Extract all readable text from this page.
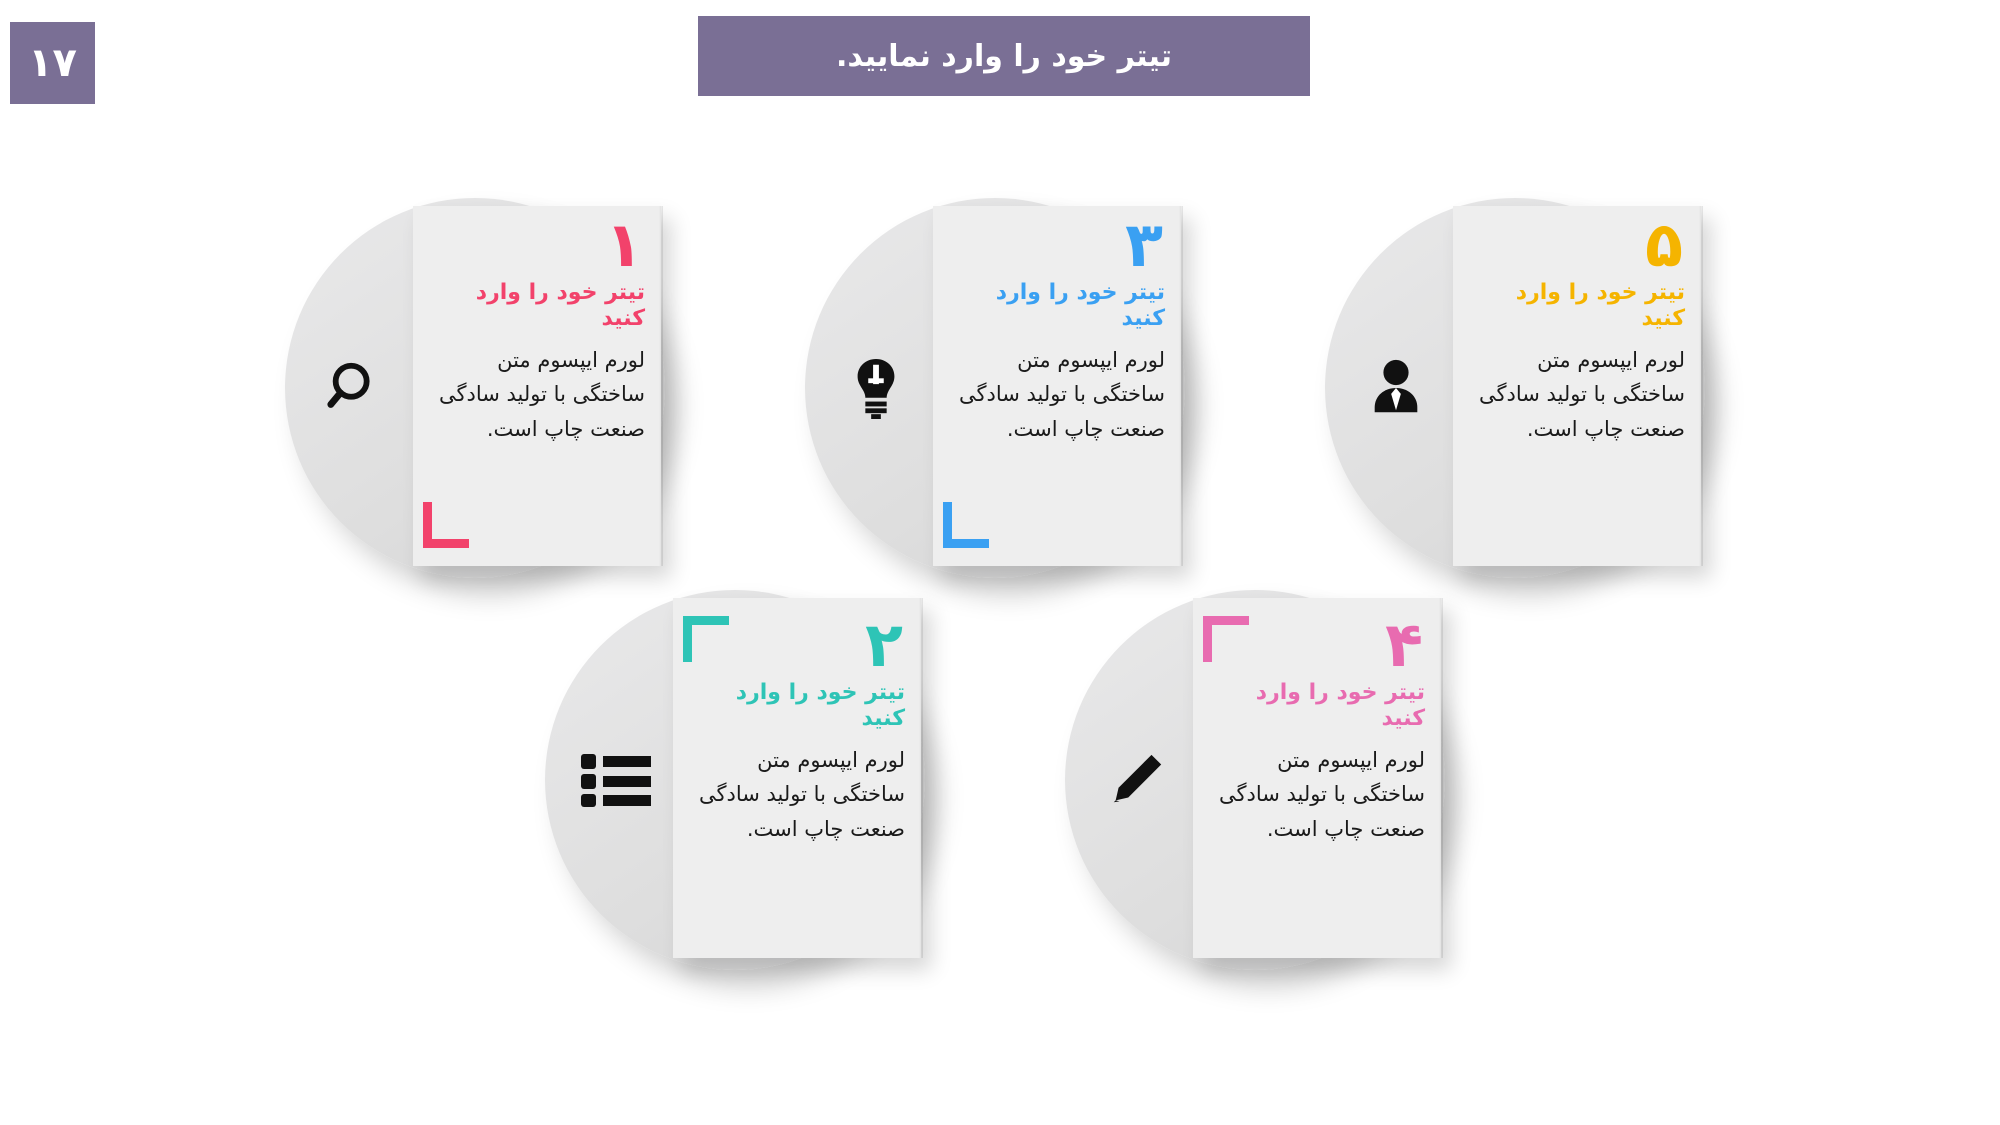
۱۷	تیتر خود را وارد نمایید.
۱
تیتر خود را وارد کنید
لورم ایپسوم متن ساختگی با تولید سادگی صنعت چاپ است.
۳
تیتر خود را وارد کنید
لورم ایپسوم متن ساختگی با تولید سادگی صنعت چاپ است.
۵
تیتر خود را وارد کنید
لورم ایپسوم متن ساختگی با تولید سادگی صنعت چاپ است.
۲
تیتر خود را وارد کنید
لورم ایپسوم متن ساختگی با تولید سادگی صنعت چاپ است.
۴
تیتر خود را وارد کنید
لورم ایپسوم متن ساختگی با تولید سادگی صنعت چاپ است.
